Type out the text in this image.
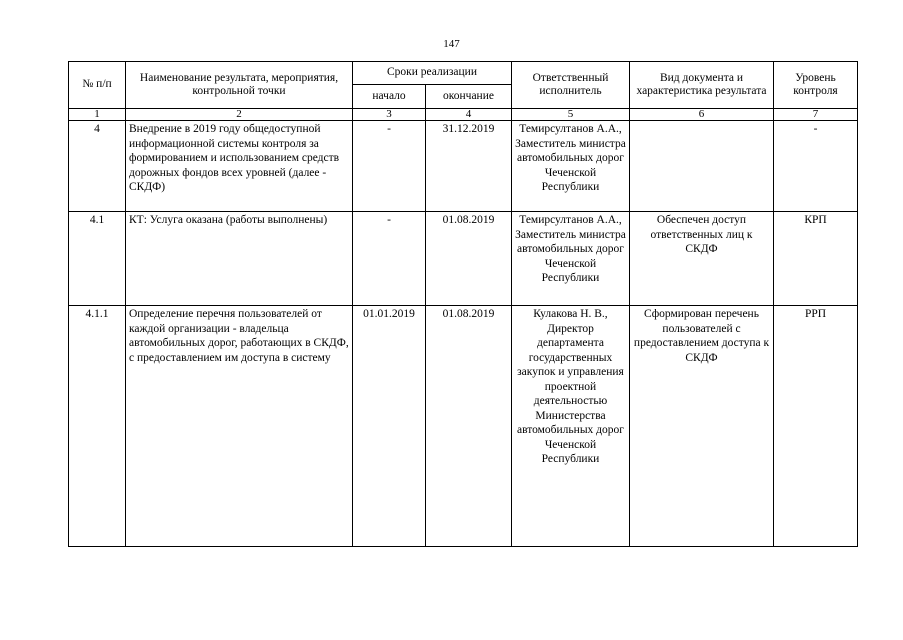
147
№ п/п	Наименование результата, мероприятия, контрольной точки	Сроки реализации		Ответственный исполнитель	Вид документа и характеристика результата	Уровень контроля
		начало	окончание			
1	2	3	4	5	6	7
4	Внедрение в 2019 году общедоступной информационной системы контроля за формированием и использованием средств дорожных фондов всех уровней (далее - СКДФ)	-	31.12.2019	Темирсултанов А.А., Заместитель министра автомобильных дорог Чеченской Республики		-
4.1	КТ: Услуга оказана (работы выполнены)	-	01.08.2019	Темирсултанов А.А., Заместитель министра автомобильных дорог Чеченской Республики	Обеспечен доступ ответственных лиц к СКДФ	КРП
4.1.1	Определение перечня пользователей от каждой организации - владельца автомобильных дорог, работающих в СКДФ, с предоставлением им доступа в систему	01.01.2019	01.08.2019	Кулакова Н. В., Директор департамента государственных закупок и управления проектной деятельностью Министерства автомобильных дорог Чеченской Республики	Сформирован перечень пользователей с предоставлением доступа к СКДФ	РРП
